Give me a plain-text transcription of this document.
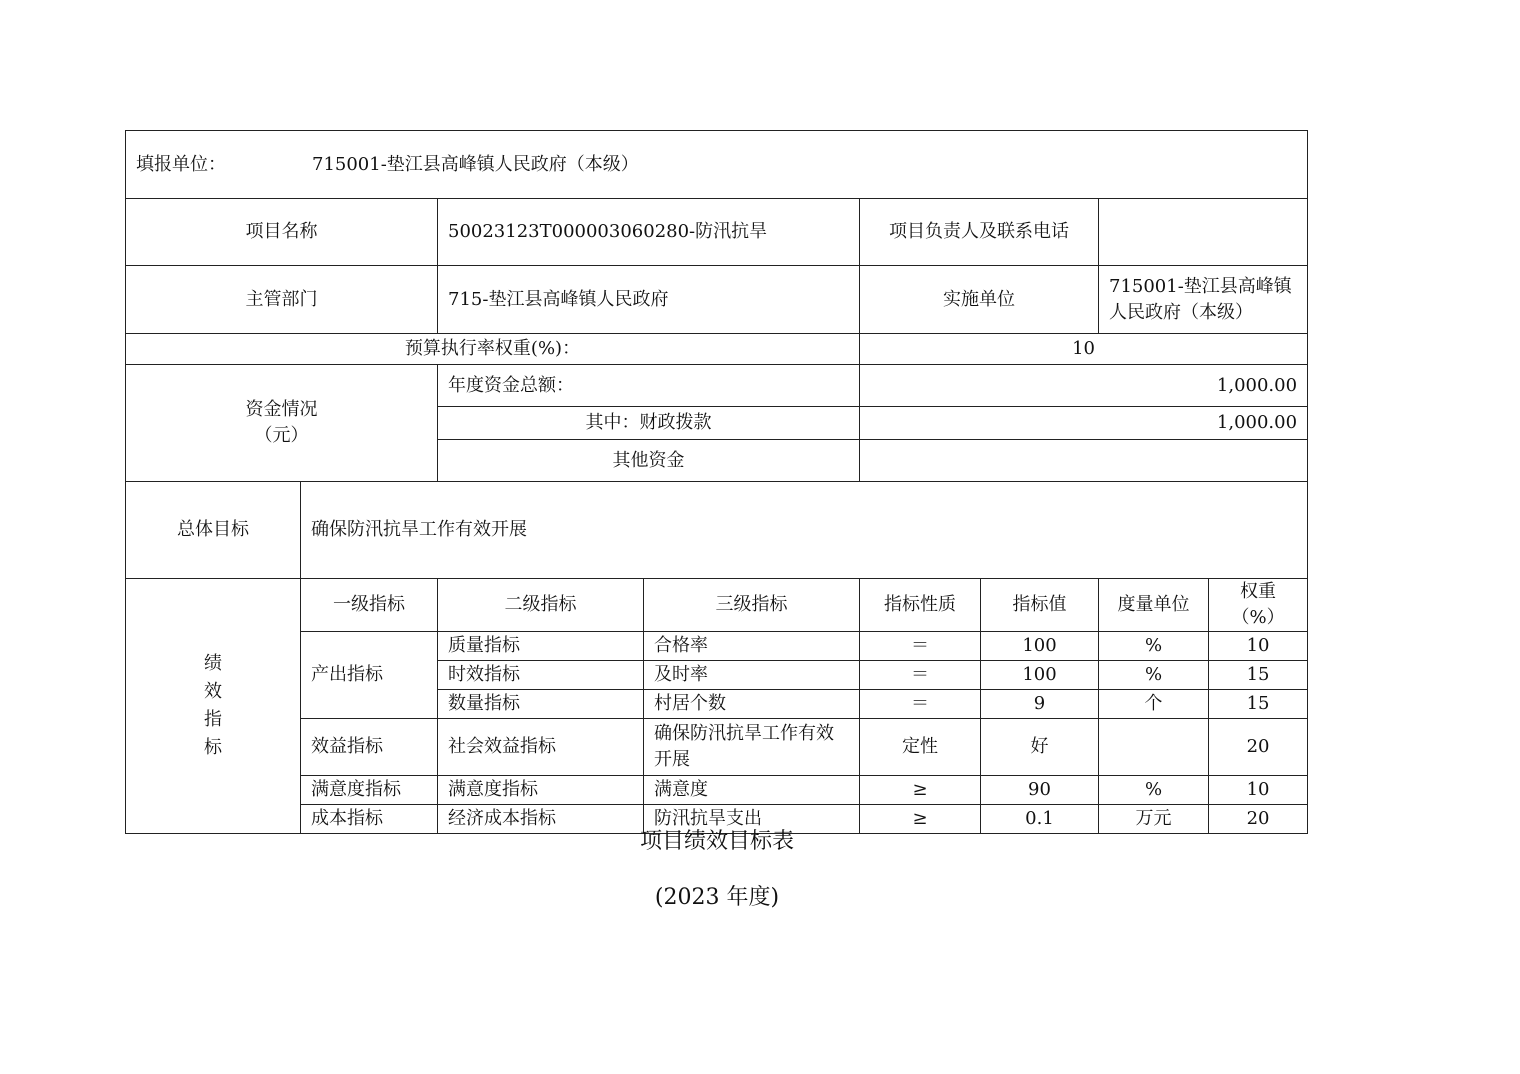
填报单位： 715001-垫江县高峰镇人民政府（本级）							
项目名称		50023123T000003060280-防汛抗旱		项目负责人及联系电话			
主管部门		715-垫江县高峰镇人民政府		实施单位		715001-垫江县高峰镇人民政府（本级）	
预算执行率权重(%)：				10			
资金情况
（元）		年度资金总额：		1,000.00			
		其中：财政拨款		1,000.00			
		其他资金					
总体目标	确保防汛抗旱工作有效开展						

绩
效
指
标	一级指标	二级指标	三级指标	指标性质	指标值	度量单位	权重（%）
	产出指标	质量指标	合格率	＝	100	%	10
		时效指标	及时率	＝	100	%	15
		数量指标	村居个数	＝	9	个	15
	效益指标	社会效益指标	确保防汛抗旱工作有效开展	定性	好		20
	满意度指标	满意度指标	满意度	≥	90	%	10
	成本指标	经济成本指标	防汛抗旱支出	≥	0.1	万元	20
项目绩效目标表
(2023 年度)
